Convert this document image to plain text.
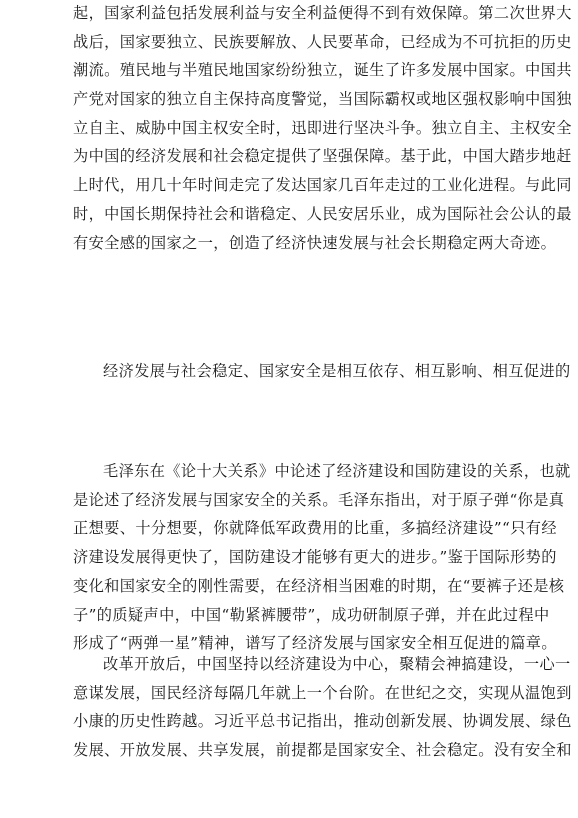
起，国家利益包括发展利益与安全利益便得不到有效保障。第二次世界大
战后，国家要独立、民族要解放、人民要革命，已经成为不可抗拒的历史
潮流。殖民地与半殖民地国家纷纷独立，诞生了许多发展中国家。中国共
产党对国家的独立自主保持高度警觉，当国际霸权或地区强权影响中国独
立自主、威胁中国主权安全时，迅即进行坚决斗争。独立自主、主权安全
为中国的经济发展和社会稳定提供了坚强保障。基于此，中国大踏步地赶
上时代，用几十年时间走完了发达国家几百年走过的工业化进程。与此同
时，中国长期保持社会和谐稳定、人民安居乐业，成为国际社会公认的最
有安全感的国家之一，创造了经济快速发展与社会长期稳定两大奇迹。
经济发展与社会稳定、国家安全是相互依存、相互影响、相互促进的
毛泽东在《论十大关系》中论述了经济建设和国防建设的关系，也就
是论述了经济发展与国家安全的关系。毛泽东指出，对于原子弹“你是真
正想要、十分想要，你就降低军政费用的比重，多搞经济建设”“只有经
济建设发展得更快了，国防建设才能够有更大的进步。”鉴于国际形势的
变化和国家安全的刚性需要，在经济相当困难的时期，在“要裤子还是核
子”的质疑声中，中国“勒紧裤腰带”，成功研制原子弹，并在此过程中
形成了“两弹一星”精神，谱写了经济发展与国家安全相互促进的篇章。
改革开放后，中国坚持以经济建设为中心，聚精会神搞建设，一心一
意谋发展，国民经济每隔几年就上一个台阶。在世纪之交，实现从温饱到
小康的历史性跨越。习近平总书记指出，推动创新发展、协调发展、绿色
发展、开放发展、共享发展，前提都是国家安全、社会稳定。没有安全和
